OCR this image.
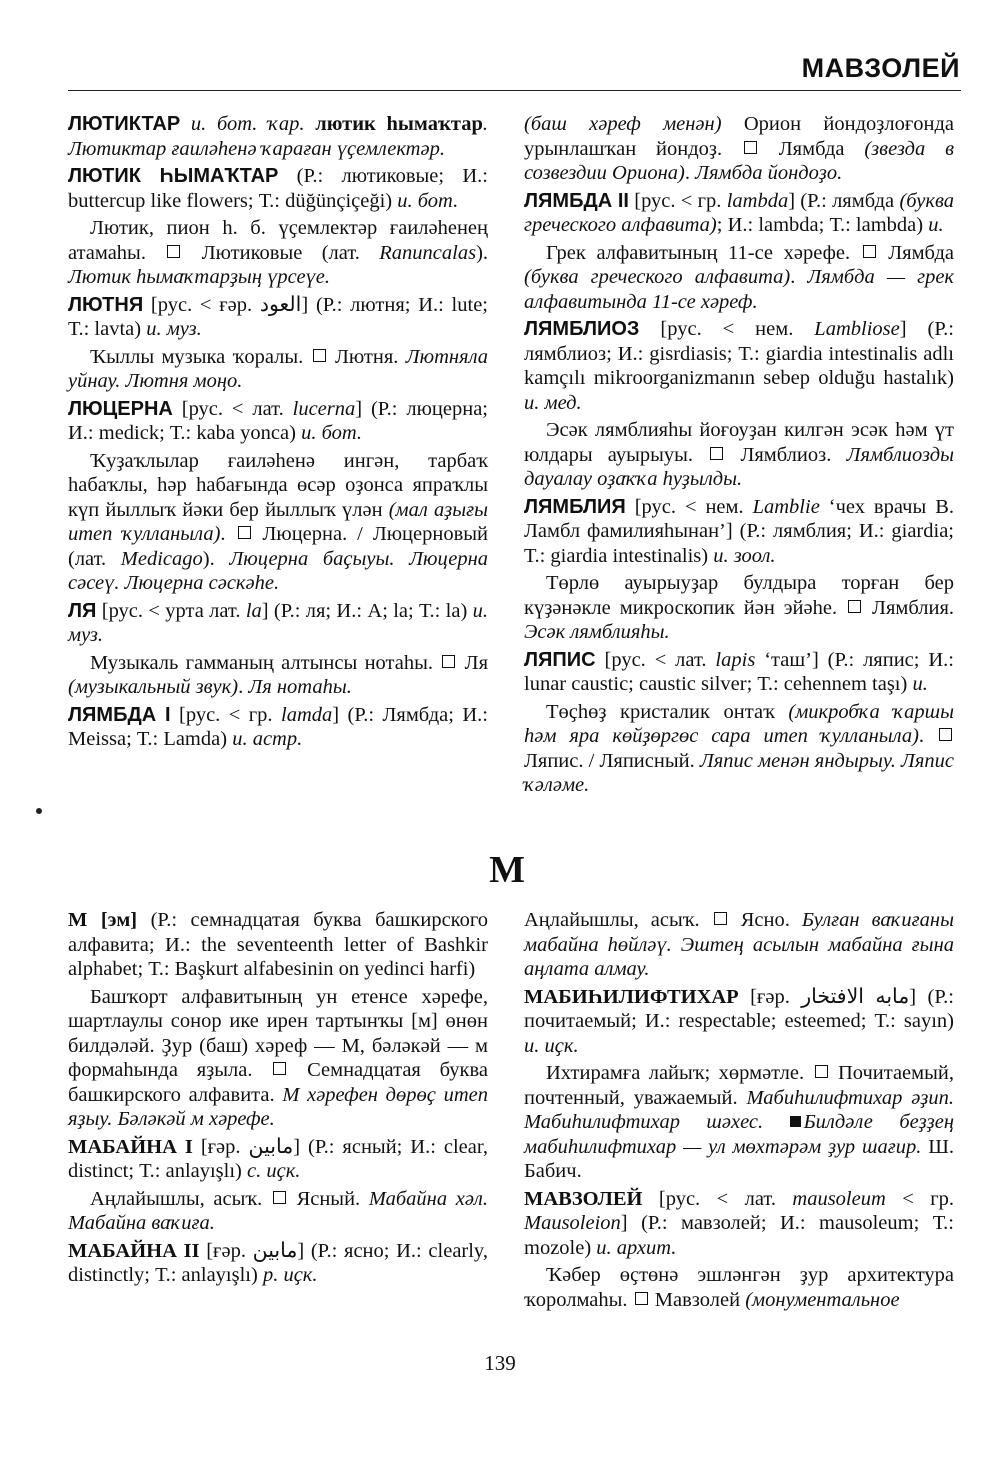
МАВЗОЛЕЙ

ЛЮТИКТАР и. бот. ҡар. лютик һымаҡтар. Лютиктар ғаиләһенә ҡараған үҫемлектәр.

ЛЮТИК ҺЫМАҠТАР (Р.: лютиковые; И.: buttercup like flowers; Т.: düğünçiçeği) и. бот.

Лютик, пион һ. б. үҫемлектәр ғаиләһенең атамаһы.  Лютиковые (лат. Ranuncalas). Лютик һымаҡтарҙың үрсеүе.

ЛЮТНЯ [рус. < ғәр. العود] (Р.: лютня; И.: lute; Т.: lavta) и. муз.

Ҡыллы музыка ҡоралы.  Лютня. Лютняла уйнау. Лютня моңо.

ЛЮЦЕРНА [рус. < лат. lucerna] (Р.: люцерна; И.: medick; Т.: kaba yonca) и. бот.

Ҡуҙаҡлылар ғаиләһенә ингән, тарбаҡ һабаҡлы, һәр һабағында өсәр оҙонса япраҡлы күп йыллыҡ йәки бер йыллыҡ үлән (мал аҙығы итеп ҡулланыла).  Люцерна. / Люцерновый (лат. Medicago). Люцерна баҫыуы. Люцерна сәсеү. Люцерна сәскәһе.

ЛЯ [рус. < урта лат. la] (Р.: ля; И.: A; la; Т.: la) и. муз.

Музыкаль гамманың алтынсы нотаһы.  Ля (музыкальный звук). Ля нотаһы.

ЛЯМБДА I [рус. < гр. lamda] (Р.: Лямбда; И.: Meissa; Т.: Lamda) и. астр.

(баш хәреф менән) Орион йондоҙлоғонда урынлашҡан йондоҙ.  Лямбда (звезда в созвездии Ориона). Лямбда йондоҙо.

ЛЯМБДА II [рус. < гр. lambda] (Р.: лямбда (буква греческого алфавита); И.: lambda; Т.: lambda) и.

Грек алфавитының 11-се хәрефе.  Лямбда (буква греческого алфавита). Лямбда — грек алфавитында 11-се хәреф.

ЛЯМБЛИОЗ [рус. < нем. Lambliose] (Р.: лямблиоз; И.: gisrdiasis; Т.: giardia intestinalis adlı kamçılı mikroorganizmanın sebep olduğu hastalık) и. мед.

Эсәк лямблияһы йоғоуҙан килгән эсәк һәм үт юлдары ауырыуы.  Лямблиоз. Лямблиозды дауалау оҙаҡҡа һуҙылды.

ЛЯМБЛИЯ [рус. < нем. Lamblie ‘чех врачы В. Ламбл фамилияһынан’] (Р.: лямблия; И.: giardia; Т.: giardia intestinalis) и. зоол.

Төрлө ауырыуҙар булдыра торған бер күҙәнәкле микроскопик йән эйәһе.  Лямблия. Эсәк лямблияһы.

ЛЯПИС [рус. < лат. lapis ‘таш’] (Р.: ляпис; И.: lunar caustic; caustic silver; Т.: cehennem taşı) и.

Төҫһөҙ кристалик онтаҡ (микробҡа ҡаршы һәм яра көйҙөргөс сара итеп ҡулланыла).  Ляпис. / Ляписный. Ляпис менән яндырыу. Ляпис ҡәләме.

М

М [эм] (Р.: семнадцатая буква башкирского алфавита; И.: the seventeenth letter of Bashkir alphabet; Т.: Başkurt alfabesinin on yedinci harfi)

Башҡорт алфавитының ун етенсе хәрефе, шартлаулы сонор ике ирен тартынҡы [м] өнөн билдәләй. Ҙур (баш) хәреф — М, бәләкәй — м формаһында яҙыла.  Семнадцатая буква башкирского алфавита. М хәрефен дөрөҫ итеп яҙыу. Бәләкәй м хәрефе.

МАБАЙНА I [ғәр. مابين] (Р.: ясный; И.: clear, distinct; Т.: anlayışlı) с. иҫк.

Аңлайышлы, асыҡ.  Ясный. Мабайна хәл. Мабайна ваҡиға.

МАБАЙНА II [ғәр. مابين] (Р.: ясно; И.: clearly, distinctly; Т.: anlayışlı) р. иҫк.

Аңлайышлы, асыҡ.  Ясно. Булған ваҡиғаны мабайна һөйләү. Эштең асылын мабайна ғына аңлата алмау.

МАБИҺИЛИФТИХАР [ғәр. مابه الافتخار] (Р.: почитаемый; И.: respectable; esteemed; Т.: sayın) и. иҫк.

Ихтирамға лайыҡ; хөрмәтле.  Почитаемый, почтенный, уважаемый. Мабиһилифтихар әҙип. Мабиһилифтихар шәхес. Билдәле беҙҙең мабиһилифтихар — ул мөхтәрәм ҙур шағир. Ш. Бабич.

МАВЗОЛЕЙ [рус. < лат. mausoleum < гр. Mausoleion] (Р.: мавзолей; И.: mausoleum; Т.: mozole) и. архит.

Ҡәбер өҫтөнә эшләнгән ҙур архитектура ҡоролмаһы.  Мавзолей (монументальное

139
